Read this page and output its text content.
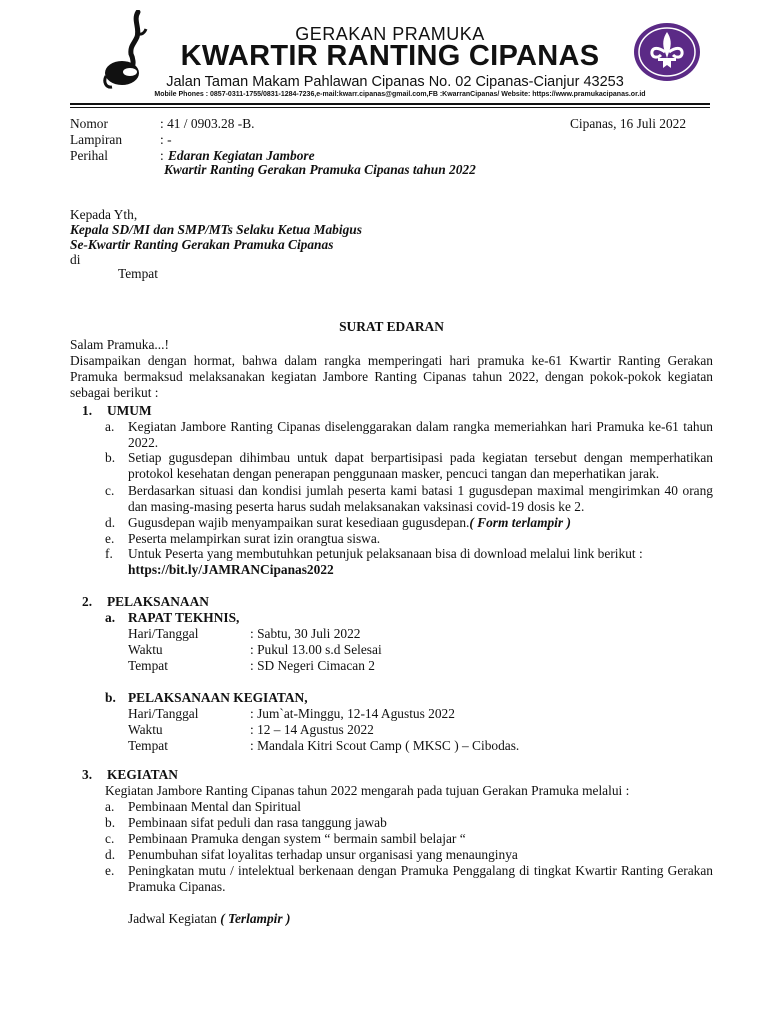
GERAKAN PRAMUKA
KWARTIR RANTING CIPANAS
Jalan Taman Makam Pahlawan Cipanas No. 02 Cipanas-Cianjur 43253
Mobile Phones : 0857-0311-1755/0831-1284-7236,e-mail:kwarr.cipanas@gmail.com,FB :KwarranCipanas/ Website: https://www.pramukacipanas.or.id
Nomor	: 41 / 0903.28 -B.	Cipanas, 16 Juli 2022
Lampiran	: -
Perihal	: Edaran Kegiatan Jambore
Kwartir Ranting Gerakan Pramuka Cipanas tahun 2022
Kepada Yth,
Kepala SD/MI dan SMP/MTs Selaku Ketua Mabigus
Se-Kwartir Ranting Gerakan Pramuka Cipanas
di
Tempat
SURAT EDARAN
Salam Pramuka...!
Disampaikan dengan hormat, bahwa dalam rangka memperingati hari pramuka ke-61 Kwartir Ranting Gerakan Pramuka bermaksud melaksanakan kegiatan Jambore Ranting Cipanas tahun 2022, dengan pokok-pokok kegiatan sebagai berikut :
1. UMUM
a. Kegiatan Jambore Ranting Cipanas diselenggarakan dalam rangka memeriahkan hari Pramuka ke-61 tahun 2022.
b. Setiap gugusdepan dihimbau untuk dapat berpartisipasi pada kegiatan tersebut dengan memperhatikan protokol kesehatan dengan penerapan penggunaan masker, pencuci tangan dan meperhatikan jarak.
c. Berdasarkan situasi dan kondisi jumlah peserta kami batasi 1 gugusdepan maximal mengirimkan 40 orang dan masing-masing peserta harus sudah melaksanakan vaksinasi covid-19 dosis ke 2.
d. Gugusdepan wajib menyampaikan surat kesediaan gugusdepan.( Form terlampir )
e. Peserta melampirkan surat izin orangtua siswa.
f. Untuk Peserta yang membutuhkan petunjuk pelaksanaan bisa di download melalui link berikut :
https://bit.ly/JAMRANCipanas2022
2. PELAKSANAAN
a. RAPAT TEKHNIS,
Hari/Tanggal	: Sabtu, 30 Juli 2022
Waktu	: Pukul 13.00 s.d Selesai
Tempat	: SD Negeri Cimacan 2
b. PELAKSANAAN KEGIATAN,
Hari/Tanggal	: Jum`at-Minggu, 12-14 Agustus 2022
Waktu	: 12 – 14 Agustus 2022
Tempat	: Mandala Kitri Scout Camp ( MKSC ) – Cibodas.
3. KEGIATAN
Kegiatan Jambore Ranting Cipanas tahun 2022 mengarah pada tujuan Gerakan Pramuka melalui :
a. Pembinaan Mental dan Spiritual
b. Pembinaan sifat peduli dan rasa tanggung jawab
c. Pembinaan Pramuka dengan system “ bermain sambil belajar “
d. Penumbuhan sifat loyalitas terhadap unsur organisasi yang menaunginya
e. Peningkatan mutu / intelektual berkenaan dengan Pramuka Penggalang di tingkat Kwartir Ranting Gerakan Pramuka Cipanas.
Jadwal Kegiatan ( Terlampir )
